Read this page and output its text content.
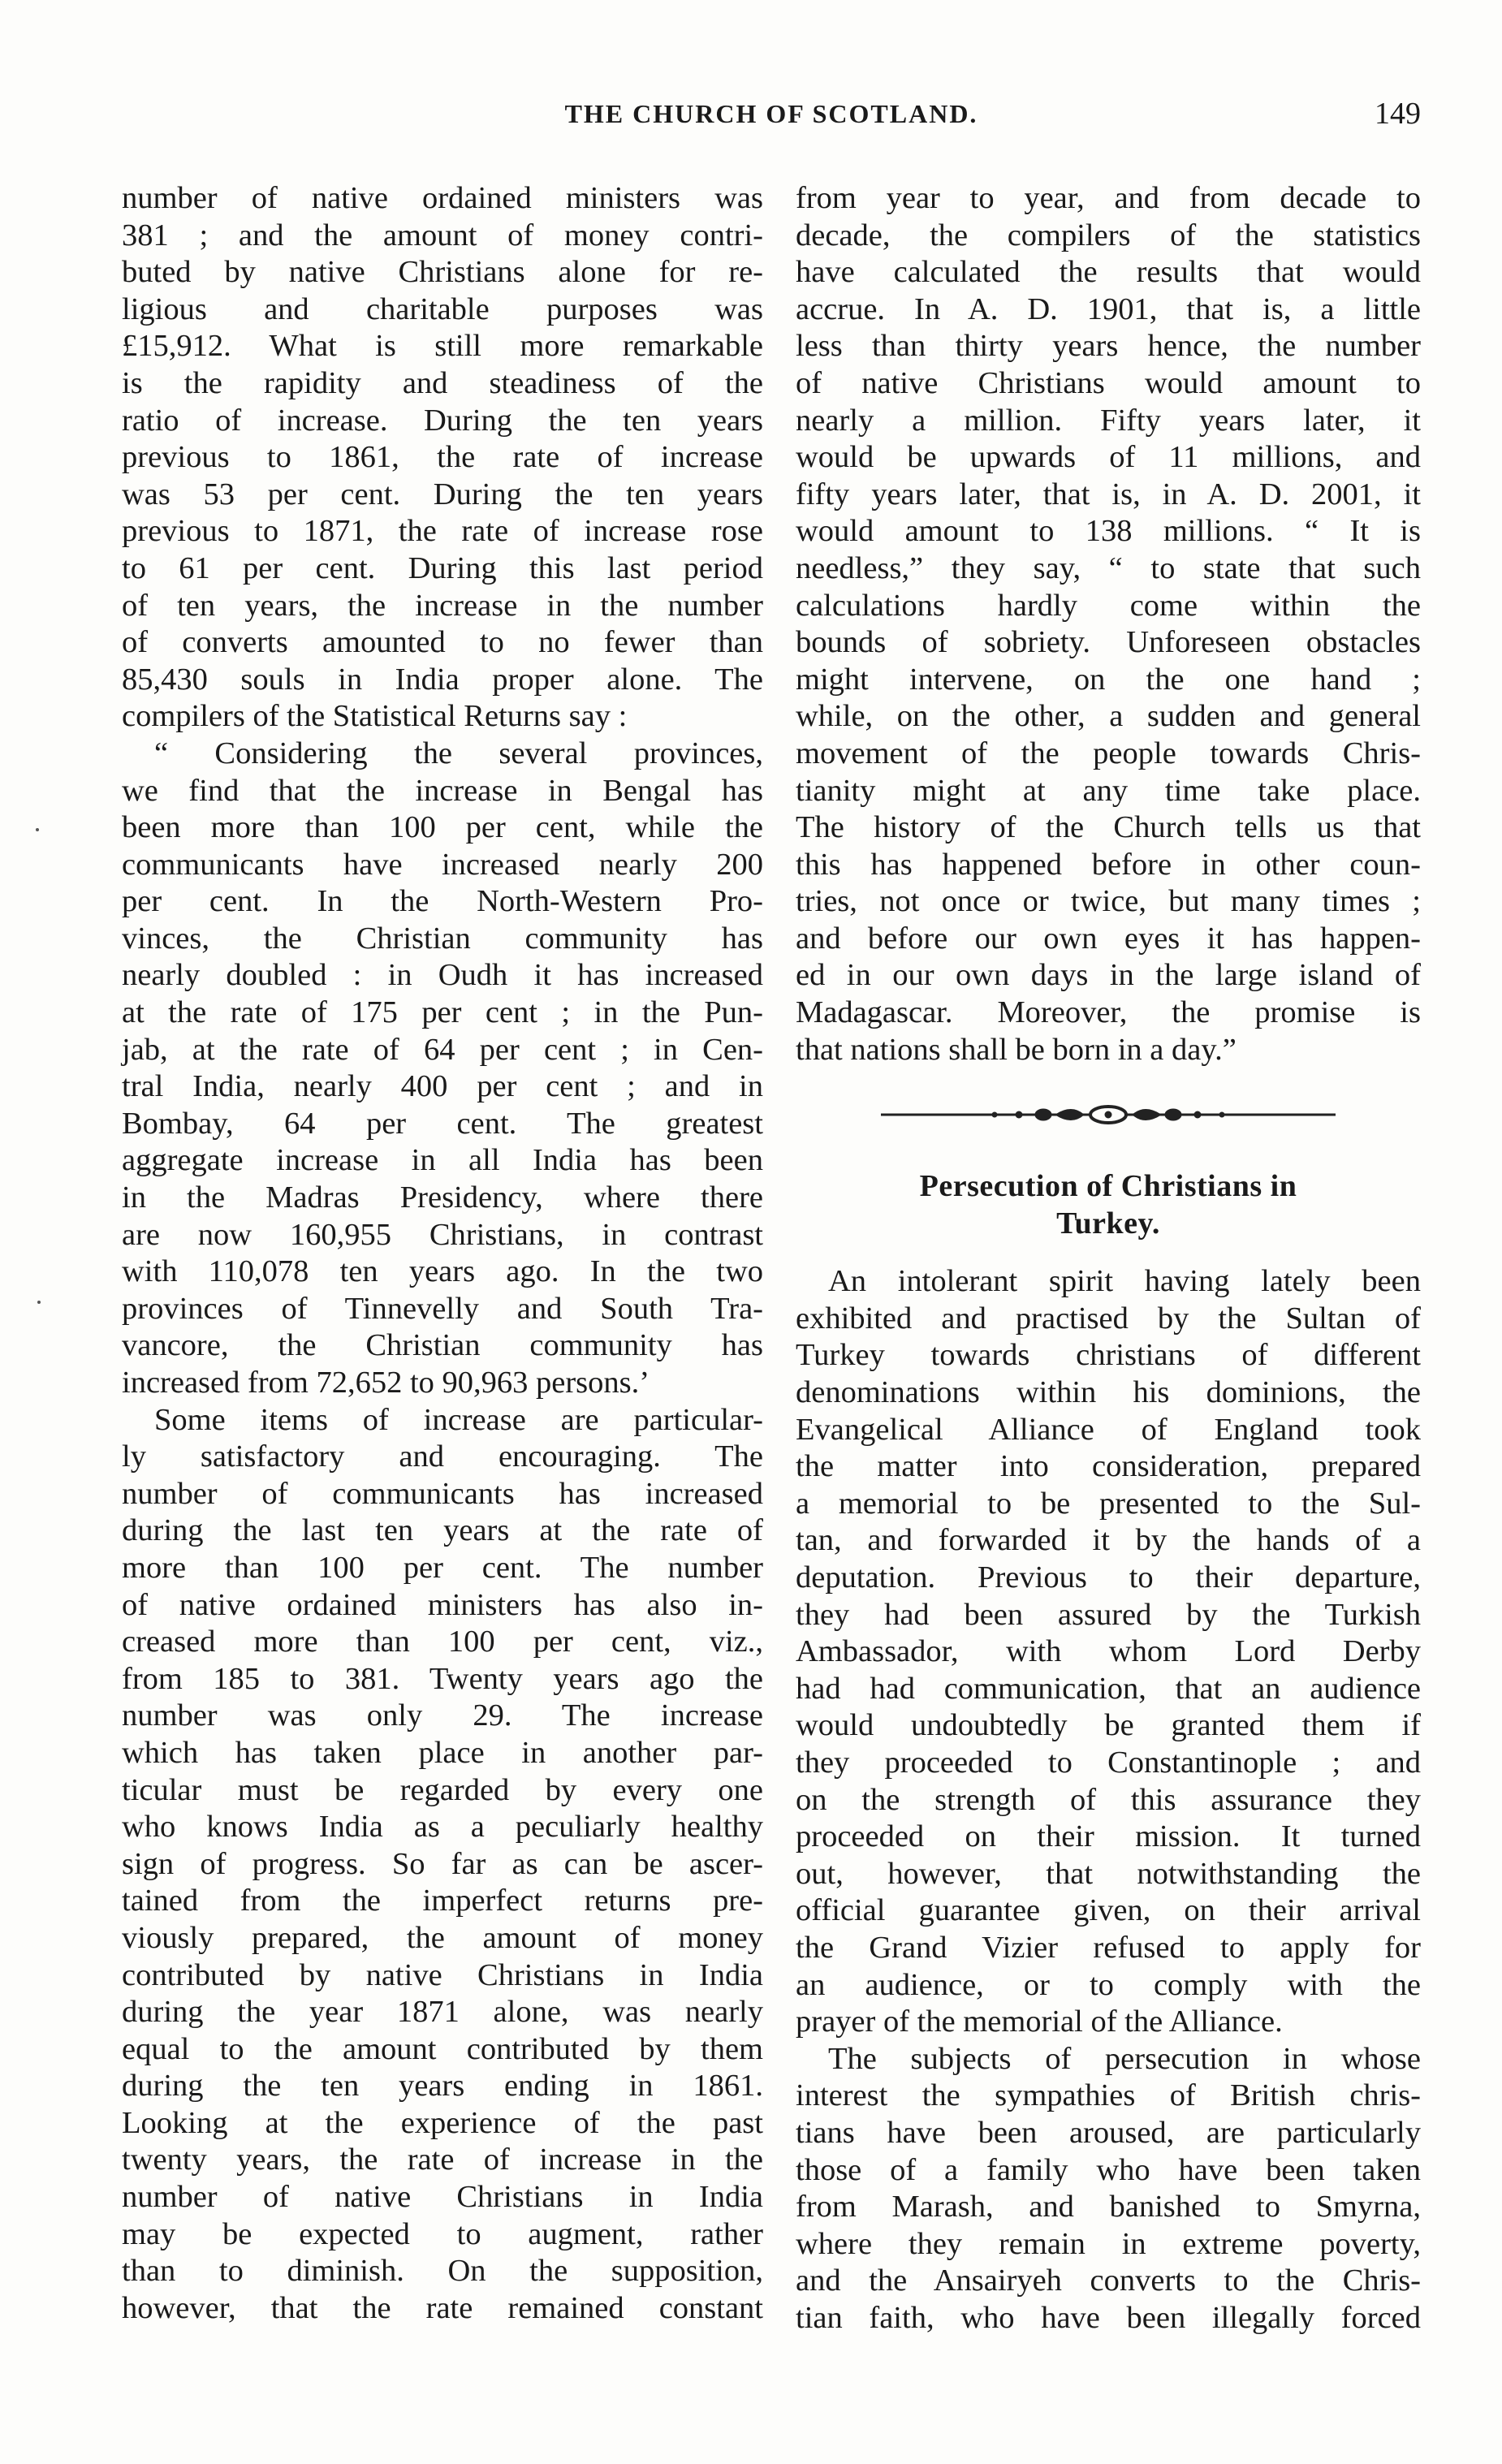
THE CHURCH OF SCOTLAND.	149

number of native ordained ministers was
381 ; and the amount of money contri-
buted by native Christians alone for re-
ligious and charitable purposes was
£15,912. What is still more remarkable
is the rapidity and steadiness of the
ratio of increase. During the ten years
previous to 1861, the rate of increase
was 53 per cent. During the ten years
previous to 1871, the rate of increase rose
to 61 per cent. During this last period
of ten years, the increase in the number
of converts amounted to no fewer than
85,430 souls in India proper alone. The
compilers of the Statistical Returns say :

“ Considering the several provinces,
we find that the increase in Bengal has
been more than 100 per cent, while the
communicants have increased nearly 200
per cent. In the North-Western Pro-
vinces, the Christian community has
nearly doubled : in Oudh it has increased
at the rate of 175 per cent ; in the Pun-
jab, at the rate of 64 per cent ; in Cen-
tral India, nearly 400 per cent ; and in
Bombay, 64 per cent. The greatest
aggregate increase in all India has been
in the Madras Presidency, where there
are now 160,955 Christians, in contrast
with 110,078 ten years ago. In the two
provinces of Tinnevelly and South Tra-
vancore, the Christian community has
increased from 72,652 to 90,963 persons.’

Some items of increase are particular-
ly satisfactory and encouraging. The
number of communicants has increased
during the last ten years at the rate of
more than 100 per cent. The number
of native ordained ministers has also in-
creased more than 100 per cent, viz.,
from 185 to 381. Twenty years ago the
number was only 29. The increase
which has taken place in another par-
ticular must be regarded by every one
who knows India as a peculiarly healthy
sign of progress. So far as can be ascer-
tained from the imperfect returns pre-
viously prepared, the amount of money
contributed by native Christians in India
during the year 1871 alone, was nearly
equal to the amount contributed by them
during the ten years ending in 1861.
Looking at the experience of the past
twenty years, the rate of increase in the
number of native Christians in India
may be expected to augment, rather
than to diminish. On the supposition,
however, that the rate remained constant

from year to year, and from decade to
decade, the compilers of the statistics
have calculated the results that would
accrue. In A. D. 1901, that is, a little
less than thirty years hence, the number
of native Christians would amount to
nearly a million. Fifty years later, it
would be upwards of 11 millions, and
fifty years later, that is, in A. D. 2001, it
would amount to 138 millions. “ It is
needless,” they say, “ to state that such
calculations hardly come within the
bounds of sobriety. Unforeseen obstacles
might intervene, on the one hand ;
while, on the other, a sudden and general
movement of the people towards Chris-
tianity might at any time take place.
The history of the Church tells us that
this has happened before in other coun-
tries, not once or twice, but many times ;
and before our own eyes it has happen-
ed in our own days in the large island of
Madagascar. Moreover, the promise is
that nations shall be born in a day.”

Persecution of Christians in
Turkey.

An intolerant spirit having lately been
exhibited and practised by the Sultan of
Turkey towards christians of different
denominations within his dominions, the
Evangelical Alliance of England took
the matter into consideration, prepared
a memorial to be presented to the Sul-
tan, and forwarded it by the hands of a
deputation. Previous to their departure,
they had been assured by the Turkish
Ambassador, with whom Lord Derby
had had communication, that an audience
would undoubtedly be granted them if
they proceeded to Constantinople ; and
on the strength of this assurance they
proceeded on their mission. It turned
out, however, that notwithstanding the
official guarantee given, on their arrival
the Grand Vizier refused to apply for
an audience, or to comply with the
prayer of the memorial of the Alliance.

The subjects of persecution in whose
interest the sympathies of British chris-
tians have been aroused, are particularly
those of a family who have been taken
from Marash, and banished to Smyrna,
where they remain in extreme poverty,
and the Ansairyeh converts to the Chris-
tian faith, who have been illegally forced
